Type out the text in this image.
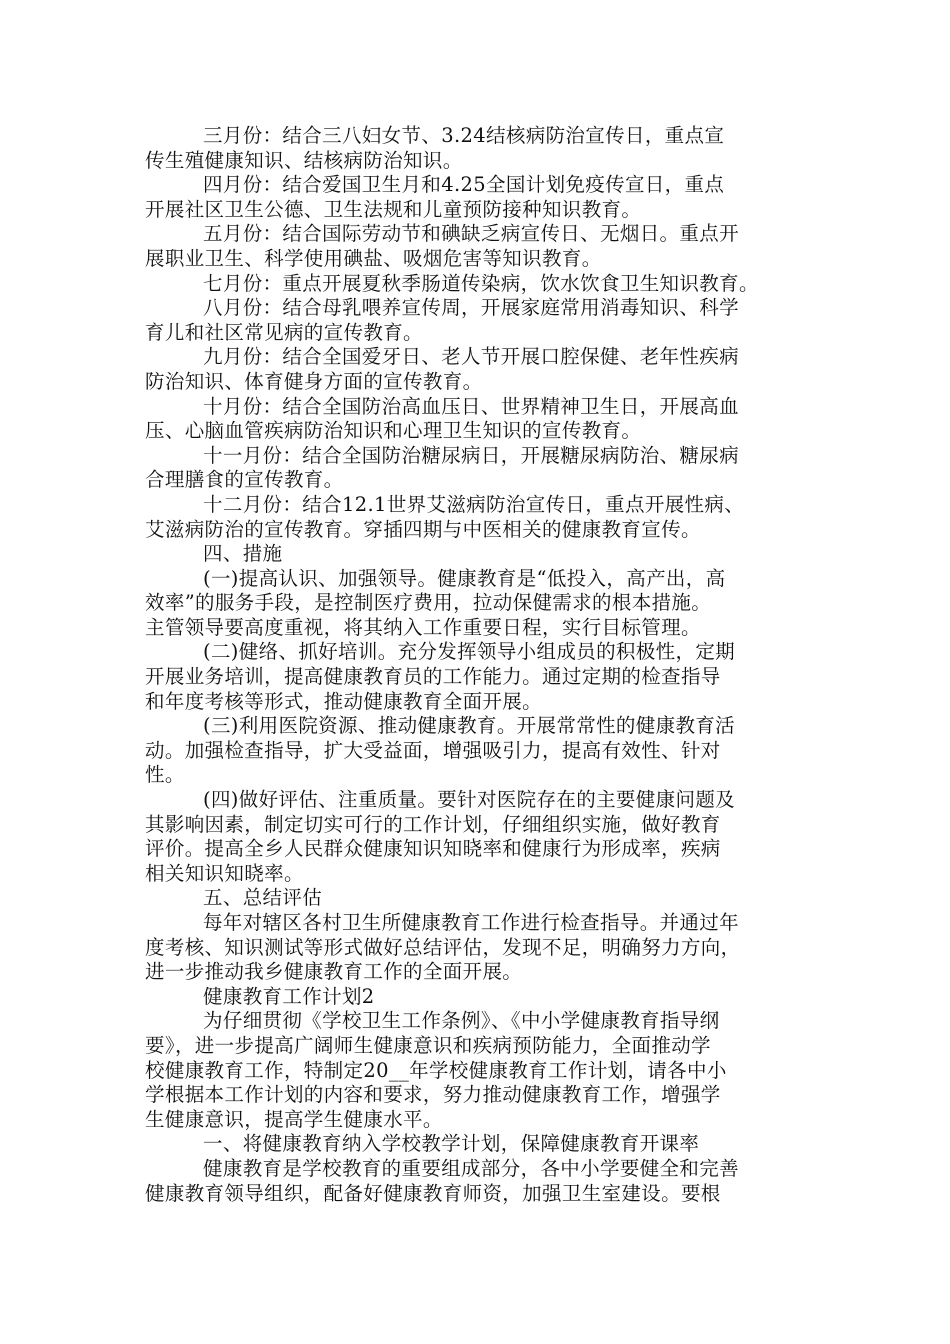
三月份：结合三八妇女节、3.24结核病防治宣传日，重点宣
传生殖健康知识、结核病防治知识。
四月份：结合爱国卫生月和4.25全国计划免疫传宣日，重点
开展社区卫生公德、卫生法规和儿童预防接种知识教育。
五月份：结合国际劳动节和碘缺乏病宣传日、无烟日。重点开
展职业卫生、科学使用碘盐、吸烟危害等知识教育。
七月份：重点开展夏秋季肠道传染病，饮水饮食卫生知识教育。
八月份：结合母乳喂养宣传周，开展家庭常用消毒知识、科学
育儿和社区常见病的宣传教育。
九月份：结合全国爱牙日、老人节开展口腔保健、老年性疾病
防治知识、体育健身方面的宣传教育。
十月份：结合全国防治高血压日、世界精神卫生日，开展高血
压、心脑血管疾病防治知识和心理卫生知识的宣传教育。
十一月份：结合全国防治糖尿病日，开展糖尿病防治、糖尿病
合理膳食的宣传教育。
十二月份：结合12.1世界艾滋病防治宣传日，重点开展性病、
艾滋病防治的宣传教育。穿插四期与中医相关的健康教育宣传。
四、措施
(一)提高认识、加强领导。健康教育是“低投入，高产出，高
效率”的服务手段，是控制医疗费用，拉动保健需求的根本措施。
主管领导要高度重视，将其纳入工作重要日程，实行目标管理。
(二)健络、抓好培训。充分发挥领导小组成员的积极性，定期
开展业务培训，提高健康教育员的工作能力。通过定期的检查指导
和年度考核等形式，推动健康教育全面开展。
(三)利用医院资源、推动健康教育。开展常常性的健康教育活
动。加强检查指导，扩大受益面，增强吸引力，提高有效性、针对
性。
(四)做好评估、注重质量。要针对医院存在的主要健康问题及
其影响因素，制定切实可行的工作计划，仔细组织实施，做好教育
评价。提高全乡人民群众健康知识知晓率和健康行为形成率，疾病
相关知识知晓率。
五、总结评估
每年对辖区各村卫生所健康教育工作进行检查指导。并通过年
度考核、知识测试等形式做好总结评估，发现不足，明确努力方向，
进一步推动我乡健康教育工作的全面开展。
健康教育工作计划2
为仔细贯彻《学校卫生工作条例》、《中小学健康教育指导纲
要》，进一步提高广阔师生健康意识和疾病预防能力，全面推动学
校健康教育工作，特制定20__年学校健康教育工作计划，请各中小
学根据本工作计划的内容和要求，努力推动健康教育工作，增强学
生健康意识，提高学生健康水平。
一、将健康教育纳入学校教学计划，保障健康教育开课率
健康教育是学校教育的重要组成部分，各中小学要健全和完善
健康教育领导组织，配备好健康教育师资，加强卫生室建设。要根
